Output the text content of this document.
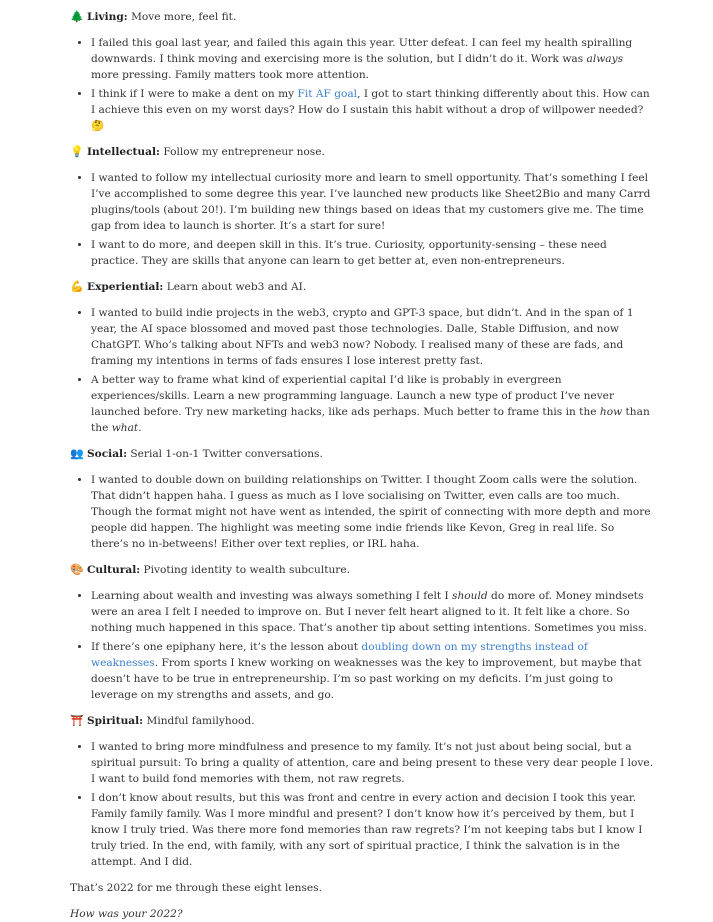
🌲 Living: Move more, feel fit.

• I failed this goal last year, and failed this again this year. Utter defeat. I can feel my health spiralling downwards. I think moving and exercising more is the solution, but I didn’t do it. Work was always more pressing. Family matters took more attention.
• I think if I were to make a dent on my Fit AF goal, I got to start thinking differently about this. How can I achieve this even on my worst days? How do I sustain this habit without a drop of willpower needed? 🤔

💡 Intellectual: Follow my entrepreneur nose.

• I wanted to follow my intellectual curiosity more and learn to smell opportunity. That’s something I feel I’ve accomplished to some degree this year. I’ve launched new products like Sheet2Bio and many Carrd plugins/tools (about 20!). I’m building new things based on ideas that my customers give me. The time gap from idea to launch is shorter. It’s a start for sure!
• I want to do more, and deepen skill in this. It’s true. Curiosity, opportunity-sensing – these need practice. They are skills that anyone can learn to get better at, even non-entrepreneurs.

💪 Experiential: Learn about web3 and AI.

• I wanted to build indie projects in the web3, crypto and GPT-3 space, but didn’t. And in the span of 1 year, the AI space blossomed and moved past those technologies. Dalle, Stable Diffusion, and now ChatGPT. Who’s talking about NFTs and web3 now? Nobody. I realised many of these are fads, and framing my intentions in terms of fads ensures I lose interest pretty fast.
• A better way to frame what kind of experiential capital I’d like is probably in evergreen experiences/skills. Learn a new programming language. Launch a new type of product I’ve never launched before. Try new marketing hacks, like ads perhaps. Much better to frame this in the how than the what.

👥 Social: Serial 1-on-1 Twitter conversations.

• I wanted to double down on building relationships on Twitter. I thought Zoom calls were the solution. That didn’t happen haha. I guess as much as I love socialising on Twitter, even calls are too much. Though the format might not have went as intended, the spirit of connecting with more depth and more people did happen. The highlight was meeting some indie friends like Kevon, Greg in real life. So there’s no in-betweens! Either over text replies, or IRL haha.

🎨 Cultural: Pivoting identity to wealth subculture.

• Learning about wealth and investing was always something I felt I should do more of. Money mindsets were an area I felt I needed to improve on. But I never felt heart aligned to it. It felt like a chore. So nothing much happened in this space. That’s another tip about setting intentions. Sometimes you miss.
• If there’s one epiphany here, it’s the lesson about doubling down on my strengths instead of weaknesses. From sports I knew working on weaknesses was the key to improvement, but maybe that doesn’t have to be true in entrepreneurship. I’m so past working on my deficits. I’m just going to leverage on my strengths and assets, and go.

⛩️ Spiritual: Mindful familyhood.

• I wanted to bring more mindfulness and presence to my family. It’s not just about being social, but a spiritual pursuit: To bring a quality of attention, care and being present to these very dear people I love. I want to build fond memories with them, not raw regrets.
• I don’t know about results, but this was front and centre in every action and decision I took this year. Family family family. Was I more mindful and present? I don’t know how it’s perceived by them, but I know I truly tried. Was there more fond memories than raw regrets? I’m not keeping tabs but I know I truly tried. In the end, with family, with any sort of spiritual practice, I think the salvation is in the attempt. And I did.

That’s 2022 for me through these eight lenses.

How was your 2022?
